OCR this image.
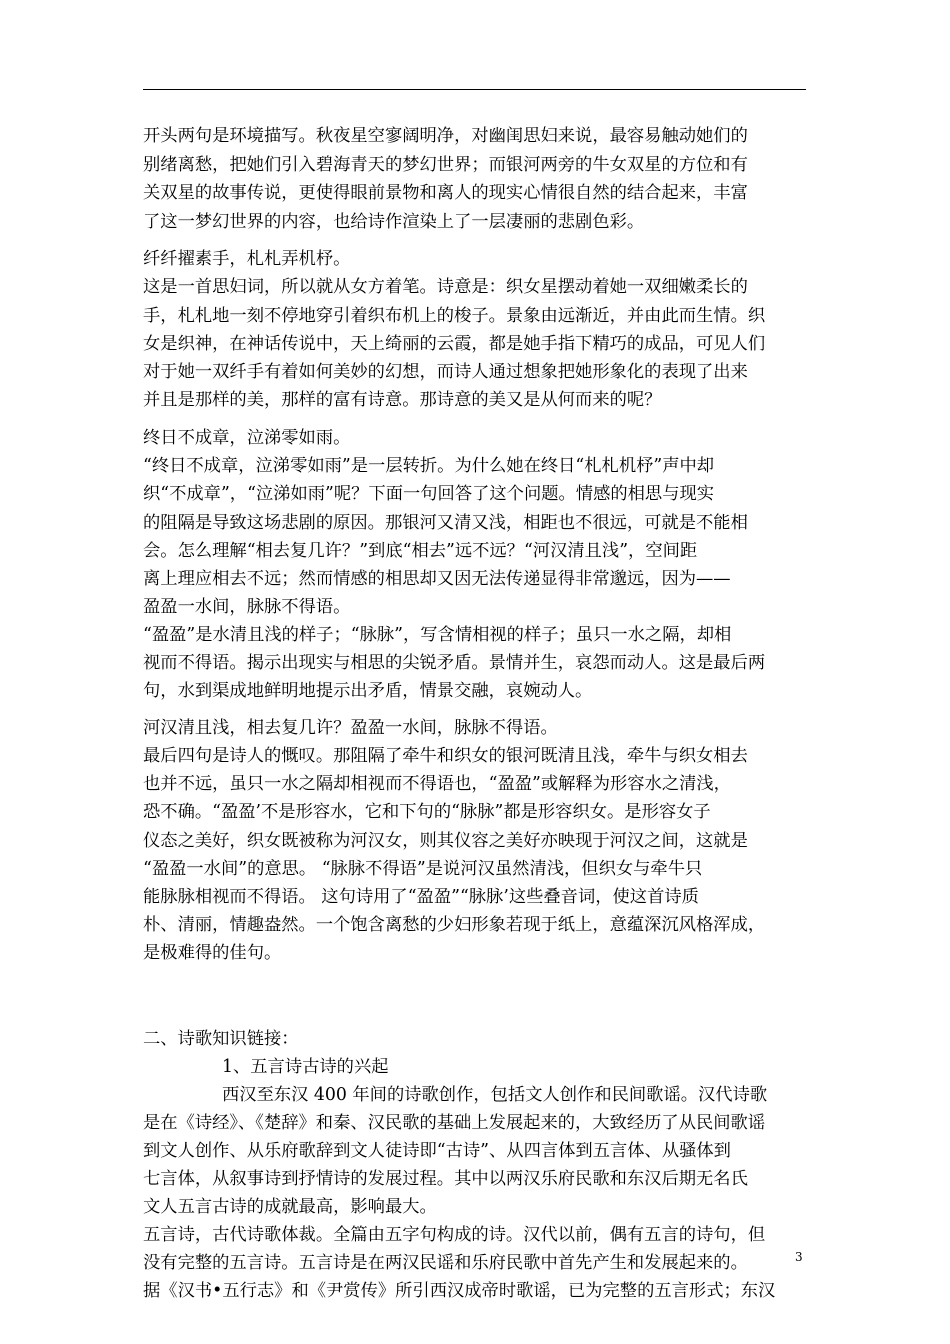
开头两句是环境描写。秋夜星空寥阔明净，对幽闺思妇来说，最容易触动她们的
别绪离愁，把她们引入碧海青天的梦幻世界；而银河两旁的牛女双星的方位和有
关双星的故事传说，更使得眼前景物和离人的现实心情很自然的结合起来，丰富
了这一梦幻世界的内容，也给诗作渲染上了一层凄丽的悲剧色彩。
纤纤擢素手，札札弄机杼。
这是一首思妇词，所以就从女方着笔。诗意是：织女星摆动着她一双细嫩柔长的
手，札札地一刻不停地穿引着织布机上的梭子。景象由远渐近，并由此而生情。织
女是织神，在神话传说中，天上绮丽的云霞，都是她手指下精巧的成品，可见人们
对于她一双纤手有着如何美妙的幻想，而诗人通过想象把她形象化的表现了出来
并且是那样的美，那样的富有诗意。那诗意的美又是从何而来的呢？
终日不成章，泣涕零如雨。
“终日不成章，泣涕零如雨”是一层转折。为什么她在终日“札札机杼”声中却
织“不成章”，“泣涕如雨”呢？下面一句回答了这个问题。情感的相思与现实
的阻隔是导致这场悲剧的原因。那银河又清又浅，相距也不很远，可就是不能相
会。怎么理解“相去复几许？”到底“相去”远不远？“河汉清且浅”，空间距
离上理应相去不远；然而情感的相思却又因无法传递显得非常邈远，因为——
盈盈一水间，脉脉不得语。
“盈盈”是水清且浅的样子；“脉脉”，写含情相视的样子；虽只一水之隔，却相
视而不得语。揭示出现实与相思的尖锐矛盾。景情并生，哀怨而动人。这是最后两
句，水到渠成地鲜明地提示出矛盾，情景交融，哀婉动人。
河汉清且浅，相去复几许？盈盈一水间，脉脉不得语。
最后四句是诗人的慨叹。那阻隔了牵牛和织女的银河既清且浅，牵牛与织女相去
也并不远，虽只一水之隔却相视而不得语也，“盈盈”或解释为形容水之清浅，
恐不确。“盈盈’不是形容水，它和下句的“脉脉”都是形容织女。是形容女子
仪态之美好，织女既被称为河汉女，则其仪容之美好亦映现于河汉之间，这就是
“盈盈一水间”的意思。 “脉脉不得语”是说河汉虽然清浅，但织女与牵牛只
能脉脉相视而不得语。 这句诗用了“盈盈”“脉脉’这些叠音词，使这首诗质
朴、清丽，情趣盎然。一个饱含离愁的少妇形象若现于纸上，意蕴深沉风格浑成，
是极难得的佳句。
二、诗歌知识链接：
1、五言诗古诗的兴起
西汉至东汉 400 年间的诗歌创作，包括文人创作和民间歌谣。汉代诗歌
是在《诗经》、《楚辞》和秦、汉民歌的基础上发展起来的，大致经历了从民间歌谣
到文人创作、从乐府歌辞到文人徒诗即“古诗”、从四言体到五言体、从骚体到
七言体，从叙事诗到抒情诗的发展过程。其中以两汉乐府民歌和东汉后期无名氏
文人五言古诗的成就最高，影响最大。
五言诗，古代诗歌体裁。全篇由五字句构成的诗。汉代以前，偶有五言的诗句，但
没有完整的五言诗。五言诗是在两汉民谣和乐府民歌中首先产生和发展起来的。
据《汉书•五行志》和《尹赏传》所引西汉成帝时歌谣，已为完整的五言形式；东汉
3
